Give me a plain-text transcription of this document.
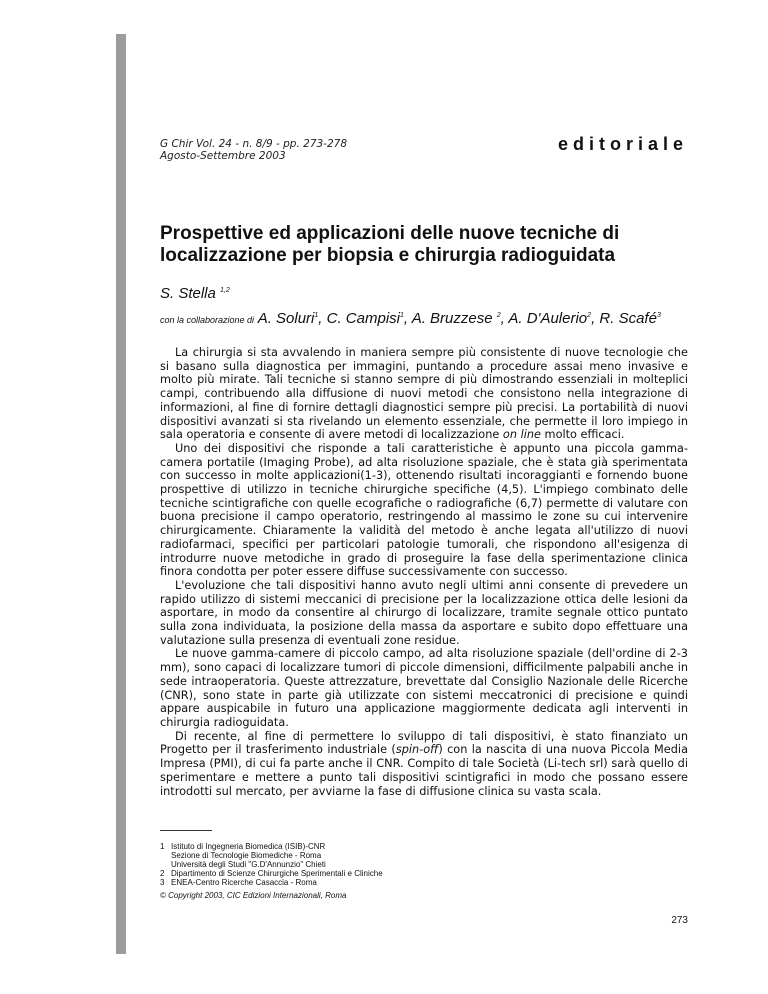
G Chir Vol. 24 - n. 8/9 - pp. 273-278
Agosto-Settembre 2003
editoriale
Prospettive ed applicazioni delle nuove tecniche di localizzazione per biopsia e chirurgia radioguidata
S. Stella $^{1,2}$
con la collaborazione di A. Soluri$^1$, C. Campisi$^1$, A. Bruzzese $^2$, A. D'Aulerio$^2$, R. Scafé$^3$

La chirurgia si sta avvalendo in maniera sempre più consistente di nuove tecnologie che si basano sulla diagnostica per immagini, puntando a procedure assai meno invasive e molto più mirate. Tali tecniche si stanno sempre di più dimostrando essenziali in molteplici campi, contribuendo alla diffusione di nuovi metodi che consistono nella integrazione di informazioni, al fine di fornire dettagli diagnostici sempre più precisi. La portabilità di nuovi dispositivi avanzati si sta rivelando un elemento essenziale, che permette il loro impiego in sala operatoria e consente di avere metodi di localizzazione on line molto efficaci.

Uno dei dispositivi che risponde a tali caratteristiche è appunto una piccola gamma-camera portatile (Imaging Probe), ad alta risoluzione spaziale, che è stata già sperimentata con successo in molte applicazioni(1-3), ottenendo risultati incoraggianti e fornendo buone prospettive di utilizzo in tecniche chirurgiche specifiche (4,5). L'impiego combinato delle tecniche scintigrafiche con quelle ecografiche o radiografiche (6,7) permette di valutare con buona precisione il campo operatorio, restringendo al massimo le zone su cui intervenire chirurgicamente. Chiaramente la validità del metodo è anche legata all'utilizzo di nuovi radiofarmaci, specifici per particolari patologie tumorali, che rispondono all'esigenza di introdurre nuove metodiche in grado di proseguire la fase della sperimentazione clinica finora condotta per poter essere diffuse successivamente con successo.

L'evoluzione che tali dispositivi hanno avuto negli ultimi anni consente di prevedere un rapido utilizzo di sistemi meccanici di precisione per la localizzazione ottica delle lesioni da asportare, in modo da consentire al chirurgo di localizzare, tramite segnale ottico puntato sulla zona individuata, la posizione della massa da asportare e subito dopo effettuare una valutazione sulla presenza di eventuali zone residue.

Le nuove gamma-camere di piccolo campo, ad alta risoluzione spaziale (dell'ordine di 2-3 mm), sono capaci di localizzare tumori di piccole dimensioni, difficilmente palpabili anche in sede intraoperatoria. Queste attrezzature, brevettate dal Consiglio Nazionale delle Ricerche (CNR), sono state in parte già utilizzate con sistemi meccatronici di precisione e quindi appare auspicabile in futuro una applicazione maggiormente dedicata agli interventi in chirurgia radioguidata.

Di recente, al fine di permettere lo sviluppo di tali dispositivi, è stato finanziato un Progetto per il trasferimento industriale (spin-off) con la nascita di una nuova Piccola Media Impresa (PMI), di cui fa parte anche il CNR. Compito di tale Società (Li-tech srl) sarà quello di sperimentare e mettere a punto tali dispositivi scintigrafici in modo che possano essere introdotti sul mercato, per avviarne la fase di diffusione clinica su vasta scala.

1 Istituto di Ingegneria Biomedica (ISIB)-CNR
Sezione di Tecnologie Biomediche - Roma
Università degli Studi "G.D'Annunzio" Chieti
2 Dipartimento di Scienze Chirurgiche Sperimentali e Cliniche
3 ENEA-Centro Ricerche Casaccia - Roma
© Copyright 2003, CIC Edizioni Internazionali, Roma
273
